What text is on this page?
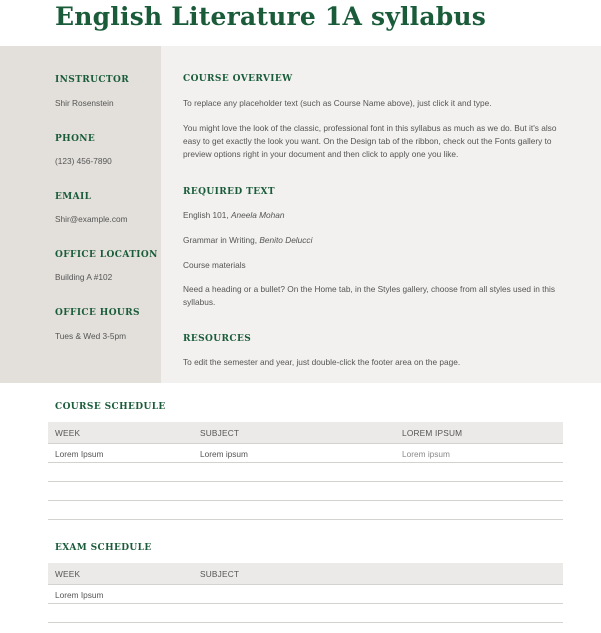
English Literature 1A syllabus
INSTRUCTOR
Shir Rosenstein
PHONE
(123) 456-7890
EMAIL
Shir@example.com
OFFICE LOCATION
Building A #102
OFFICE HOURS
Tues & Wed 3-5pm
COURSE OVERVIEW
To replace any placeholder text (such as Course Name above), just click it and type.
You might love the look of the classic, professional font in this syllabus as much as we do. But it's also easy to get exactly the look you want. On the Design tab of the ribbon, check out the Fonts gallery to preview options right in your document and then click to apply one you like.
REQUIRED TEXT
English 101, Aneela Mohan
Grammar in Writing, Benito Delucci
Course materials
Need a heading or a bullet? On the Home tab, in the Styles gallery, choose from all styles used in this syllabus.
RESOURCES
To edit the semester and year, just double-click the footer area on the page.
COURSE SCHEDULE
WEEK	SUBJECT	LOREM IPSUM
Lorem Ipsum	Lorem ipsum	Lorem ipsum
EXAM SCHEDULE
WEEK	SUBJECT
Lorem Ipsum
